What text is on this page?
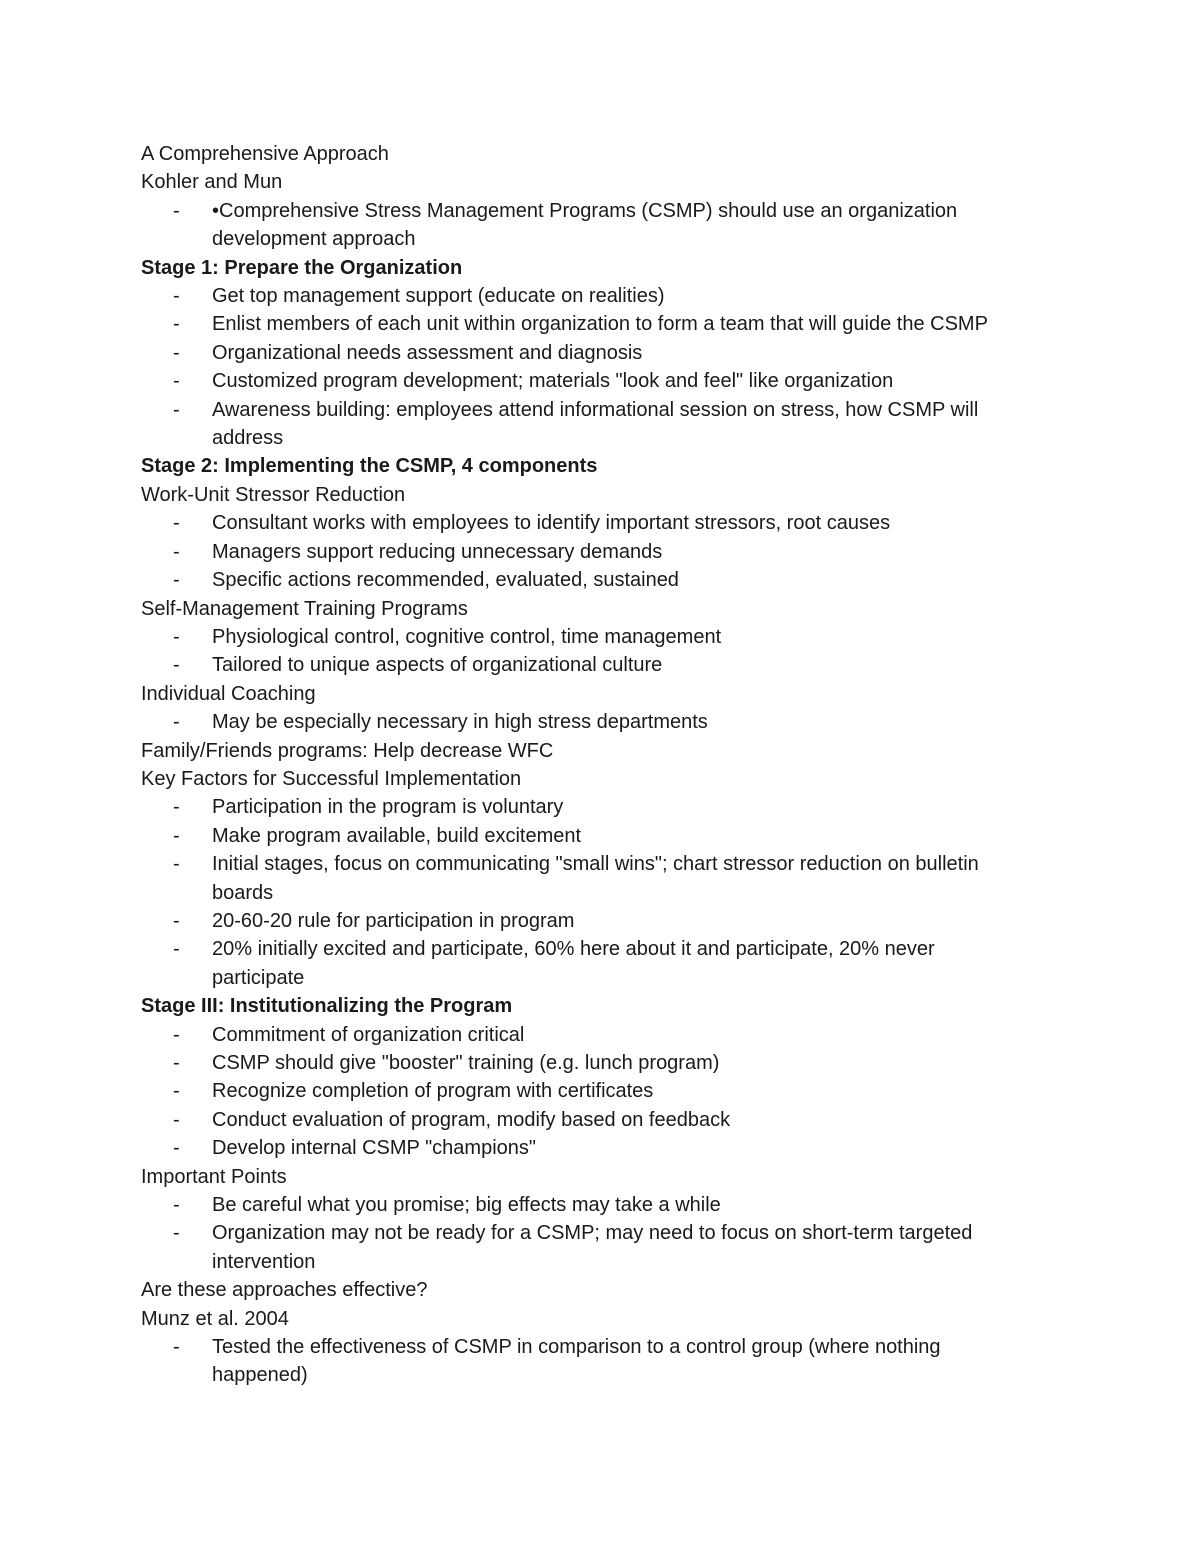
A Comprehensive Approach
Kohler and Mun
- •Comprehensive Stress Management Programs (CSMP) should use an organization
development approach
Stage 1: Prepare the Organization
- Get top management support (educate on realities)
- Enlist members of each unit within organization to form a team that will guide the CSMP
- Organizational needs assessment and diagnosis
- Customized program development; materials "look and feel" like organization
- Awareness building: employees attend informational session on stress, how CSMP will
address
Stage 2: Implementing the CSMP, 4 components
Work-Unit Stressor Reduction
- Consultant works with employees to identify important stressors, root causes
- Managers support reducing unnecessary demands
- Specific actions recommended, evaluated, sustained
Self-Management Training Programs
- Physiological control, cognitive control, time management
- Tailored to unique aspects of organizational culture
Individual Coaching
- May be especially necessary in high stress departments
Family/Friends programs: Help decrease WFC
Key Factors for Successful Implementation
- Participation in the program is voluntary
- Make program available, build excitement
- Initial stages, focus on communicating "small wins"; chart stressor reduction on bulletin
boards
- 20-60-20 rule for participation in program
- 20% initially excited and participate, 60% here about it and participate, 20% never
participate
Stage III: Institutionalizing the Program
- Commitment of organization critical
- CSMP should give "booster" training (e.g. lunch program)
- Recognize completion of program with certificates
- Conduct evaluation of program, modify based on feedback
- Develop internal CSMP "champions"
Important Points
- Be careful what you promise; big effects may take a while
- Organization may not be ready for a CSMP; may need to focus on short-term targeted
intervention
Are these approaches effective?
Munz et al. 2004
- Tested the effectiveness of CSMP in comparison to a control group (where nothing
happened)
